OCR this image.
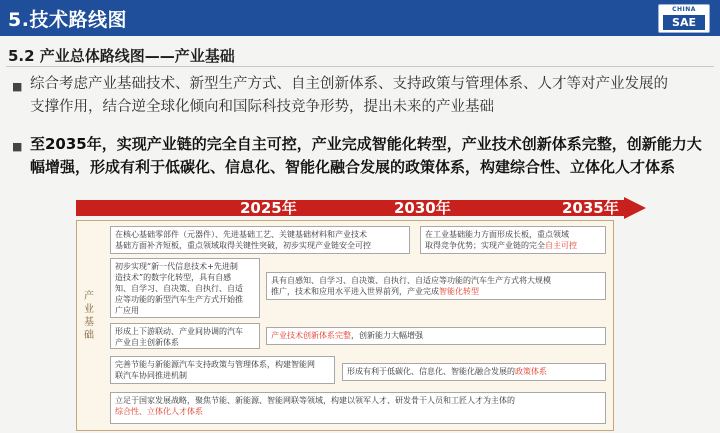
5.技术路线图	CHINA
SAE
5.2 产业总体路线图——产业基础
■ 综合考虑产业基础技术、新型生产方式、自主创新体系、支持政策与管理体系、人才等对产业发展的
支撑作用，结合逆全球化倾向和国际科技竞争形势，提出未来的产业基础
■ 至2035年，实现产业链的完全自主可控，产业完成智能化转型，产业技术创新体系完整，创新能力大
幅增强，形成有利于低碳化、信息化、智能化融合发展的政策体系，构建综合性、立体化人才体系
2025年	2030年	2035年
产
业
基
础
在核心基础零部件（元器件）、先进基础工艺、关键基础材料和产业技术
基础方面补齐短板，重点领域取得关键性突破，初步实现产业链安全可控
在工业基础能力方面形成长板，重点领域
取得竞争优势；实现产业链的完全自主可控
初步实现“新一代信息技术+先进制
造技术”的数字化转型，具有自感
知、自学习、自决策、自执行、自适
应等功能的新型汽车生产方式开始推
广应用
具有自感知、自学习、自决策、自执行、自适应等功能的汽车生产方式将大规模
推广，技术和应用水平进入世界前列，产业完成智能化转型
形成上下游联动、产业间协调的汽车
产业自主创新体系
产业技术创新体系完整，创新能力大幅增强
完善节能与新能源汽车支持政策与管理体系，构建智能网
联汽车协同推进机制	形成有利于低碳化、信息化、智能化融合发展的政策体系
立足于国家发展战略，聚焦节能、新能源、智能网联等领域，构建以领军人才、研发骨干人员和工匠人才为主体的
综合性、立体化人才体系
